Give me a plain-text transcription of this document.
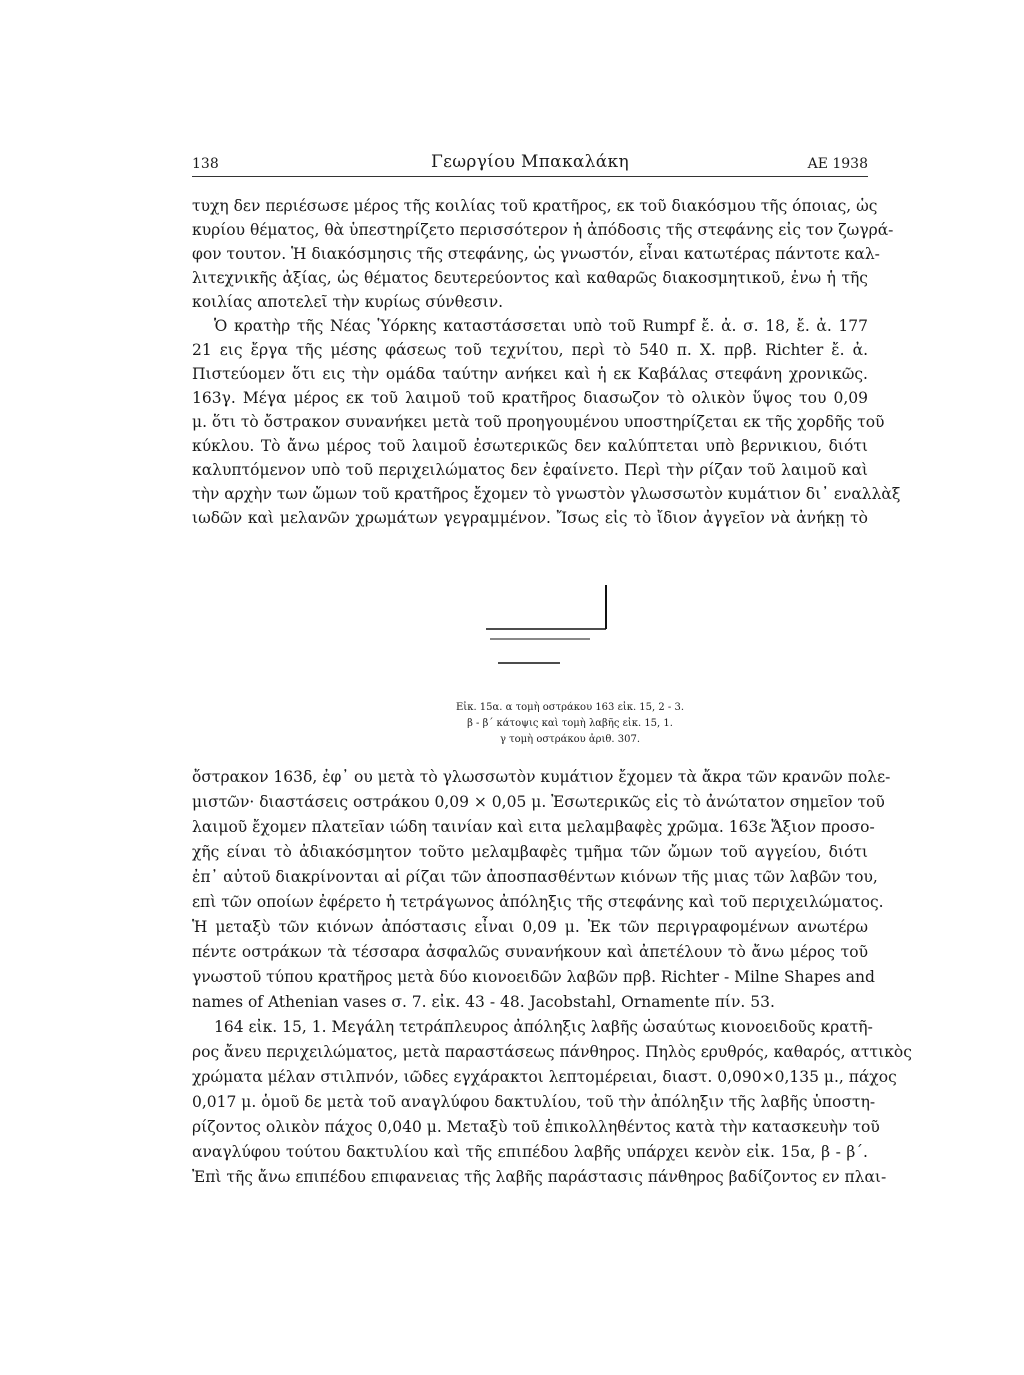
138	Γεωργίου Μπακαλάκη	ΑΕ 1938
τυχη δεν περιέσωσε μέρος τῆς κοιλίας τοῦ κρατῆρος, εκ τοῦ διακόσμου τῆς όποιας, ὡς
κυρίου θέματος, θὰ ὑπεστηρίζετο περισσότερον ἡ ἀπόδοσις τῆς στεφάνης εἰς τον ζωγρά-
φον τουτον. Ἡ διακόσμησις τῆς στεφάνης, ὡς γνωστόν, εἶναι κατωτέρας πάντοτε καλ-
λιτεχνικῆς ἀξίας, ὡς θέματος δευτερεύοντος καὶ καθαρῶς διακοσμητικοῦ, ἐνω ἡ τῆς
κοιλίας αποτελεῖ τὴν κυρίως σύνθεσιν.
Ὁ κρατὴρ τῆς Νέας Ὑόρκης καταστάσσεται υπὸ τοῦ Rumpf ἔ. ἀ. σ. 18, ἔ. ἀ. 177
21 εις ἔργα τῆς μέσης φάσεως τοῦ τεχνίτου, περὶ τὸ 540 π. Χ. πρβ. Richter ἔ. ἀ.
Πιστεύομεν ὅτι εις τὴν ομάδα ταύτην ανήκει καὶ ἡ εκ Καβάλας στεφάνη χρονικῶς.
163γ. Μέγα μέρος εκ τοῦ λαιμοῦ τοῦ κρατῆρος διασωζον τὸ ολικὸν ὕψος του 0,09
μ. ὅτι τὸ ὄστρακον συνανήκει μετὰ τοῦ προηγουμένου υποστηρίζεται εκ τῆς χορδῆς τοῦ
κύκλου. Τὸ ἄνω μέρος τοῦ λαιμοῦ ἐσωτερικῶς δεν καλύπτεται υπὸ βερνικιου, διότι
καλυπτόμενον υπὸ τοῦ περιχειλώματος δεν ἐφαίνετο. Περὶ τὴν ρίζαν τοῦ λαιμοῦ καὶ
τὴν αρχὴν των ὤμων τοῦ κρατῆρος ἔχομεν τὸ γνωστὸν γλωσσωτὸν κυμάτιον δι᾽ εναλλὰξ
ιωδῶν καὶ μελανῶν χρωμάτων γεγραμμένον. Ἴσως εἰς τὸ ἴδιον ἀγγεῖον νὰ ἀνήκῃ τὸ
Εἰκ. 15α. α τομὴ οστράκου 163 εἰκ. 15, 2 - 3.
β - β΄ κάτοψις καὶ τομὴ λαβῆς εἰκ. 15, 1.
γ τομὴ οστράκου ἀριθ. 307.
ὄστρακον 163δ, ἐφ᾽ ου μετὰ τὸ γλωσσωτὸν κυμάτιον ἔχομεν τὰ ἄκρα τῶν κρανῶν πολε-
μιστῶν· διαστάσεις οστράκου 0,09 × 0,05 μ. Ἐσωτερικῶς εἰς τὸ ἀνώτατον σημεῖον τοῦ
λαιμοῦ ἔχομεν πλατεῖαν ιώδη ταινίαν καὶ ειτα μελαμβαφὲς χρῶμα. 163ε Ἄξιον προσο-
χῆς είναι τὸ ἀδιακόσμητον τοῦτο μελαμβαφὲς τμῆμα τῶν ὤμων τοῦ αγγείου, διότι
ἐπ᾽ αὐτοῦ διακρίνονται αἱ ρίζαι τῶν ἀποσπασθέντων κιόνων τῆς μιας τῶν λαβῶν του,
επὶ τῶν οποίων ἐφέρετο ἡ τετράγωνος ἀπόληξις τῆς στεφάνης καὶ τοῦ περιχειλώματος.
Ἡ μεταξὺ τῶν κιόνων ἀπόστασις εἶναι 0,09 μ. Ἐκ τῶν περιγραφομένων ανωτέρω
πέντε οστράκων τὰ τέσσαρα ἀσφαλῶς συνανήκουν καὶ ἀπετέλουν τὸ ἄνω μέρος τοῦ
γνωστοῦ τύπου κρατῆρος μετὰ δύο κιονοειδῶν λαβῶν πρβ. Richter - Milne Shapes and
names of Athenian vases σ. 7. εἰκ. 43 - 48. Jacobstahl, Ornamente πίν. 53.
164 εἰκ. 15, 1. Μεγάλη τετράπλευρος ἀπόληξις λαβῆς ὡσαύτως κιονοειδοῦς κρατῆ-
ρος ἄνευ περιχειλώματος, μετὰ παραστάσεως πάνθηρος. Πηλὸς ερυθρός, καθαρός, αττικὸς
χρώματα μέλαν στιλπνόν, ιῶδες εγχάρακτοι λεπτομέρειαι, διαστ. 0,090×0,135 μ., πάχος
0,017 μ. ὁμοῦ δε μετὰ τοῦ αναγλύφου δακτυλίου, τοῦ τὴν ἀπόληξιν τῆς λαβῆς ὑποστη-
ρίζοντος ολικὸν πάχος 0,040 μ. Μεταξὺ τοῦ ἐπικολληθέντος κατὰ τὴν κατασκευὴν τοῦ
αναγλύφου τούτου δακτυλίου καὶ τῆς επιπέδου λαβῆς υπάρχει κενὸν εἰκ. 15α, β - β΄.
Ἐπὶ τῆς ἄνω επιπέδου επιφανειας τῆς λαβῆς παράστασις πάνθηρος βαδίζοντος εν πλαι-
